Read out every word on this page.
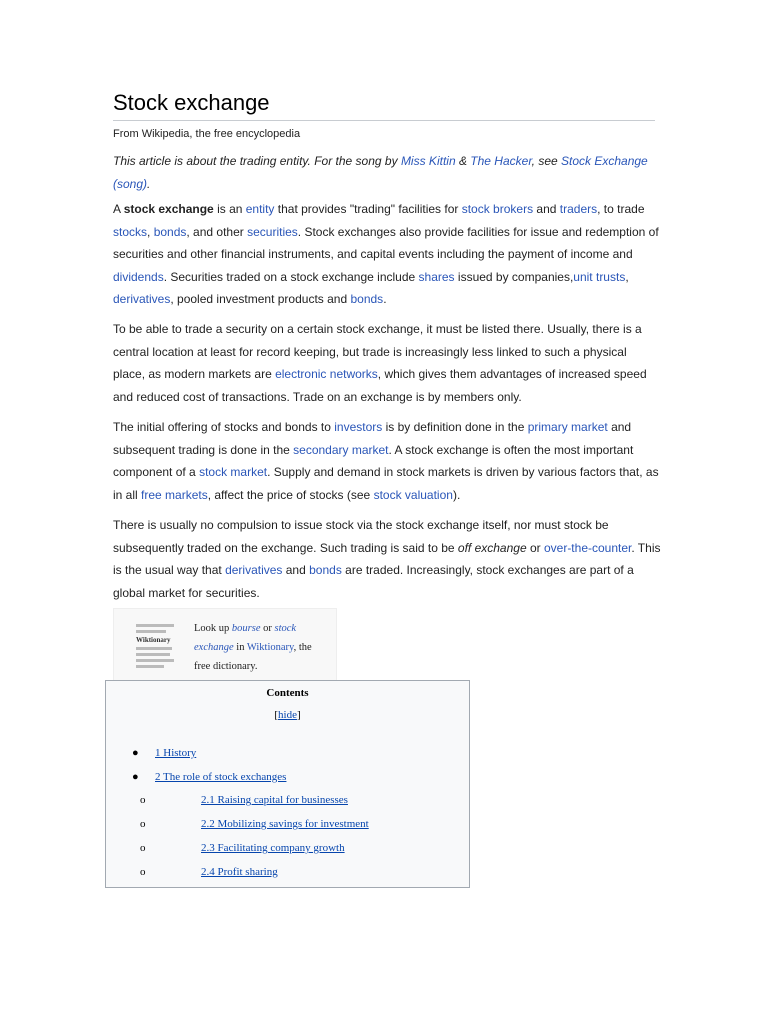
Stock exchange
From Wikipedia, the free encyclopedia
This article is about the trading entity. For the song by Miss Kittin & The Hacker, see Stock Exchange (song).

A stock exchange is an entity that provides "trading" facilities for stock brokers and traders, to trade stocks, bonds, and other securities. Stock exchanges also provide facilities for issue and redemption of securities and other financial instruments, and capital events including the payment of income and dividends. Securities traded on a stock exchange include shares issued by companies,unit trusts, derivatives, pooled investment products and bonds.

To be able to trade a security on a certain stock exchange, it must be listed there. Usually, there is a central location at least for record keeping, but trade is increasingly less linked to such a physical place, as modern markets are electronic networks, which gives them advantages of increased speed and reduced cost of transactions. Trade on an exchange is by members only.

The initial offering of stocks and bonds to investors is by definition done in the primary market and subsequent trading is done in the secondary market. A stock exchange is often the most important component of a stock market. Supply and demand in stock markets is driven by various factors that, as in all free markets, affect the price of stocks (see stock valuation).

There is usually no compulsion to issue stock via the stock exchange itself, nor must stock be subsequently traded on the exchange. Such trading is said to be off exchange or over-the-counter. This is the usual way that derivatives and bonds are traded. Increasingly, stock exchanges are part of a global market for securities.

Wiktionary
Look up bourse or stock exchange in Wiktionary, the free dictionary.
Contents
[hide]
● 1 History
● 2 The role of stock exchanges
o	2.1 Raising capital for businesses
o	2.2 Mobilizing savings for investment
o	2.3 Facilitating company growth
o	2.4 Profit sharing
